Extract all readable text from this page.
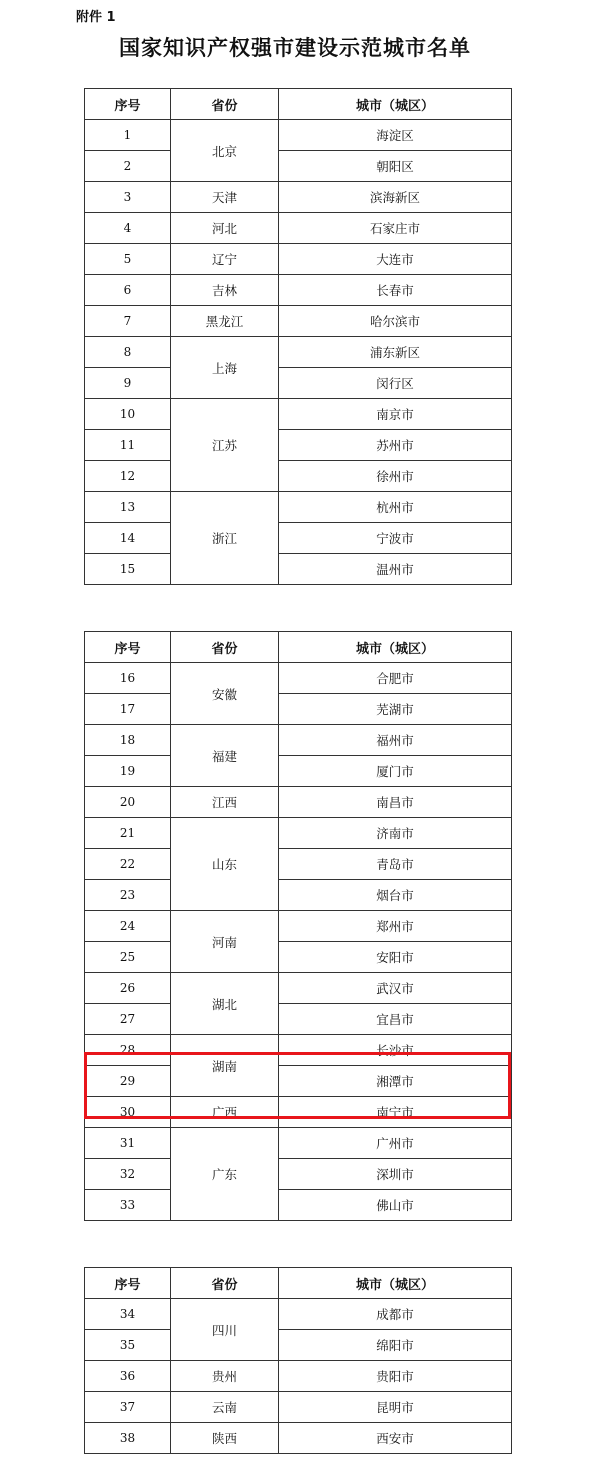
附件 1
国家知识产权强市建设示范城市名单
序号	省份	城市（城区）
1	北京	海淀区
2		朝阳区
3	天津	滨海新区
4	河北	石家庄市
5	辽宁	大连市
6	吉林	长春市
7	黑龙江	哈尔滨市
8	上海	浦东新区
9		闵行区
10	江苏	南京市
11		苏州市
12		徐州市
13	浙江	杭州市
14		宁波市
15		温州市
序号	省份	城市（城区）
16	安徽	合肥市
17		芜湖市
18	福建	福州市
19		厦门市
20	江西	南昌市
21	山东	济南市
22		青岛市
23		烟台市
24	河南	郑州市
25		安阳市
26	湖北	武汉市
27		宜昌市
28	湖南	长沙市
29		湘潭市
30	广西	南宁市
31	广东	广州市
32		深圳市
33		佛山市
序号	省份	城市（城区）
34	四川	成都市
35		绵阳市
36	贵州	贵阳市
37	云南	昆明市
38	陕西	西安市
